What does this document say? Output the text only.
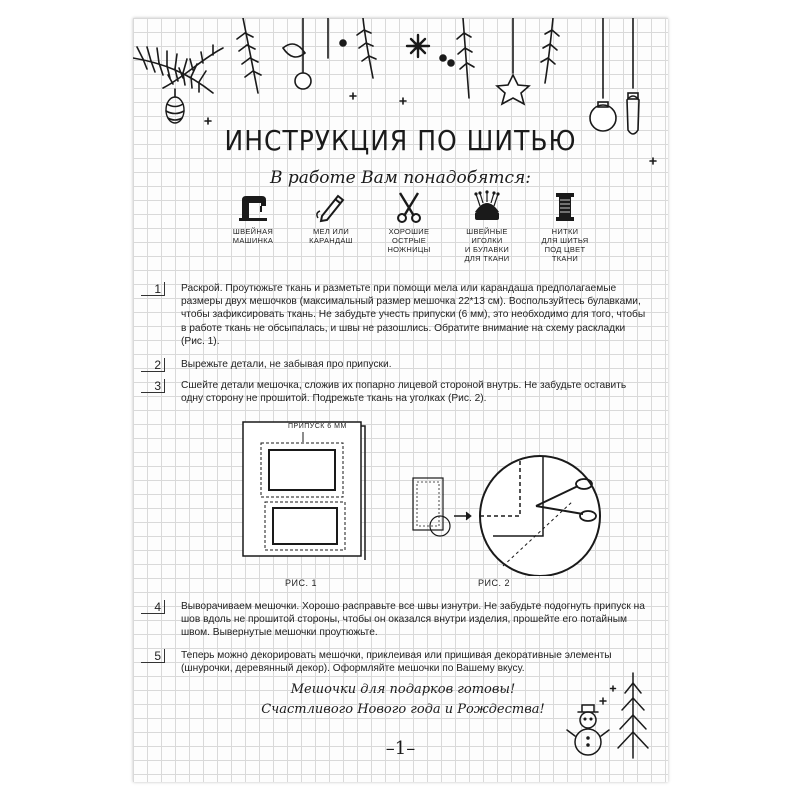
ИНСТРУКЦИЯ ПО ШИТЬЮ
В работе Вам понадобятся:
ШВЕЙНАЯ
МАШИНКА
МЕЛ ИЛИ
КАРАНДАШ
ХОРОШИЕ
ОСТРЫЕ
НОЖНИЦЫ
ШВЕЙНЫЕ
ИГОЛКИ
И БУЛАВКИ
ДЛЯ ТКАНИ
НИТКИ
ДЛЯ ШИТЬЯ
ПОД ЦВЕТ
ТКАНИ
1	Раскрой. Проутюжьте ткань и разметьте при помощи мела или карандаша предполагаемые размеры двух мешочков (максимальный размер мешочка 22*13 см). Воспользуйтесь булавками, чтобы зафиксировать ткань. Не забудьте учесть припуски (6 мм), это необходимо для того, чтобы в работе ткань не обсыпалась, и швы не разошлись. Обратите внимание на схему раскладки (Рис. 1).
2	Вырежьте детали, не забывая про припуски.
3	Сшейте детали мешочка, сложив их попарно лицевой стороной внутрь. Не забудьте оставить одну сторону не прошитой. Подрежьте ткань на уголках (Рис. 2).
ПРИПУСК 6 ММ
РИС. 1	РИС. 2
4	Выворачиваем мешочки. Хорошо расправьте все швы изнутри. Не забудьте подогнуть припуск на шов вдоль не прошитой стороны, чтобы он оказался внутри изделия, прошейте его потайным швом. Вывернутые мешочки проутюжьте.
5	Теперь можно декорировать мешочки, приклеивая или пришивая декоративные элементы (шнурочки, деревянный декор). Оформляйте мешочки по Вашему вкусу.
Мешочки для подарков готовы!
Счастливого Нового года и Рождества!
–1–
